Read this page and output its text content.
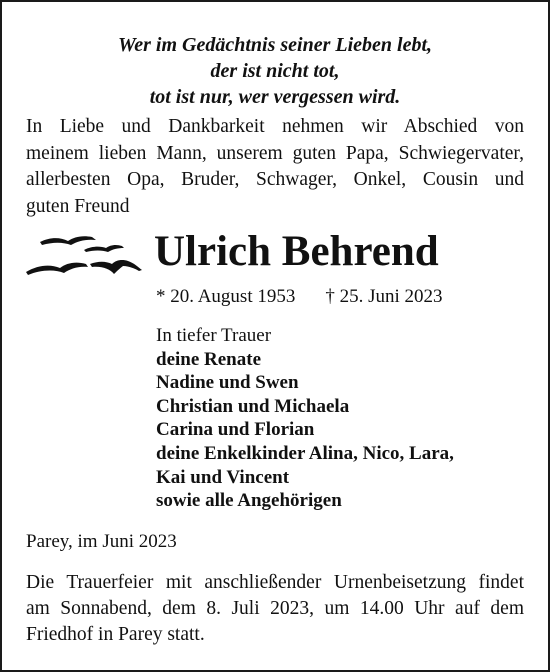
Wer im Gedächtnis seiner Lieben lebt,
der ist nicht tot,
tot ist nur, wer vergessen wird.
In Liebe und Dankbarkeit nehmen wir Abschied von
meinem lieben Mann, unserem guten Papa, Schwiegervater,
allerbesten Opa, Bruder, Schwager, Onkel, Cousin und
guten Freund
Ulrich Behrend
* 20. August 1953 † 25. Juni 2023
In tiefer Trauer
deine Renate
Nadine und Swen
Christian und Michaela
Carina und Florian
deine Enkelkinder Alina, Nico, Lara,
Kai und Vincent
sowie alle Angehörigen
Parey, im Juni 2023
Die Trauerfeier mit anschließender Urnenbeisetzung findet
am Sonnabend, dem 8. Juli 2023, um 14.00 Uhr auf dem
Friedhof in Parey statt.
